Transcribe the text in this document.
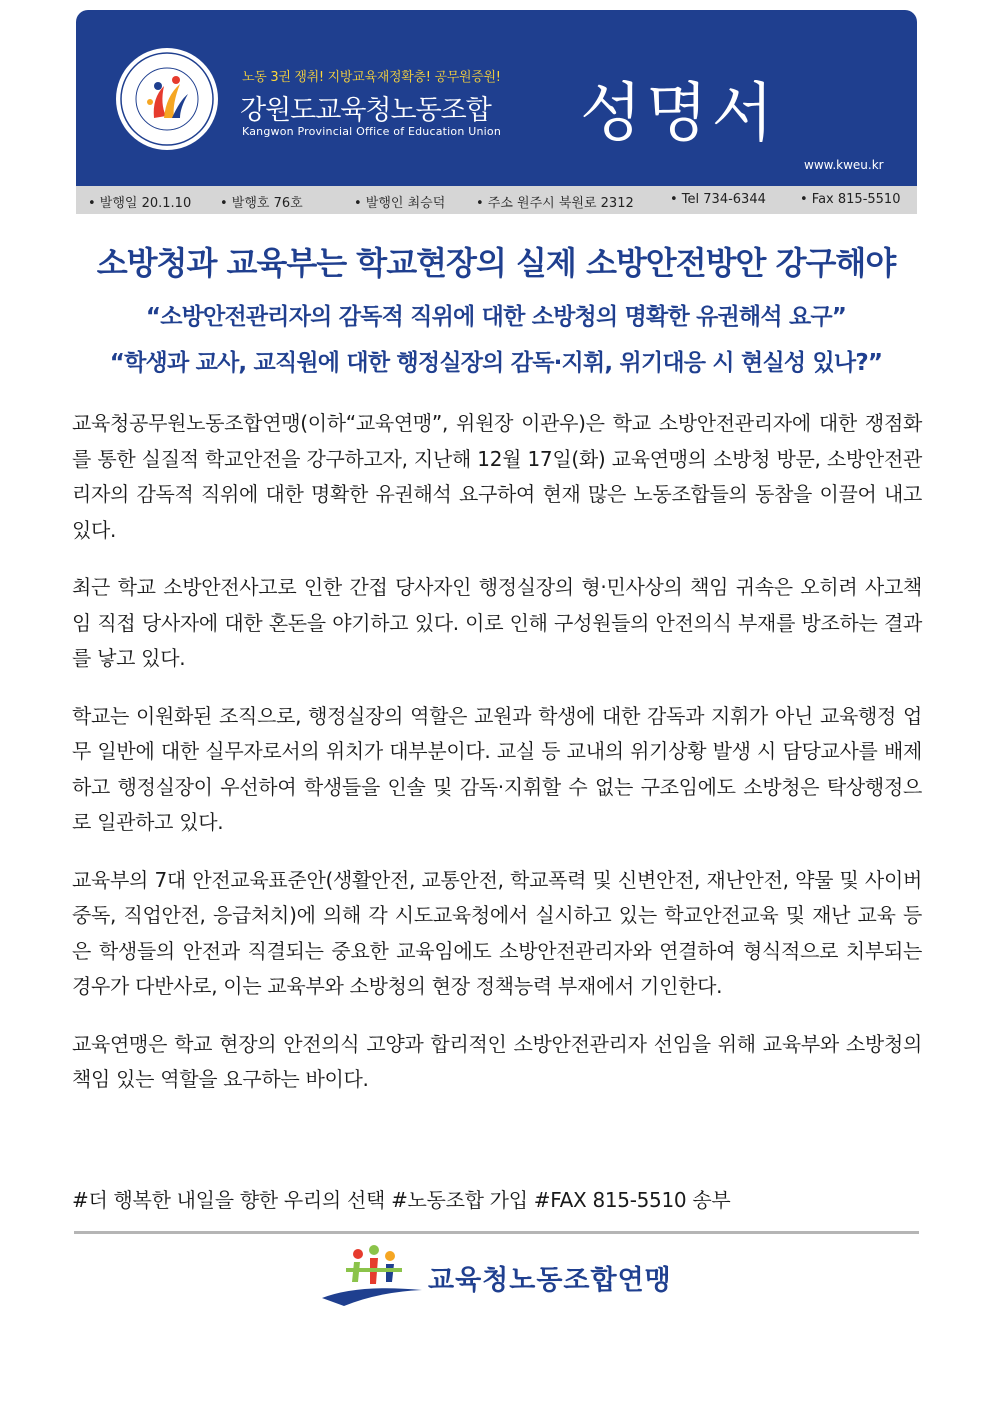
노동 3권 쟁취! 지방교육재정확충! 공무원증원!
강원도교육청노동조합
Kangwon Provincial Office of Education Union 성명서
www.kweu.kr
• 발행일 20.1.10 • 발행호 76호	• 발행인 최승덕 • 주소 원주시 북원로 2312	• Tel 734-6344	• Fax 815-5510
소방청과 교육부는 학교현장의 실제 소방안전방안 강구해야
“소방안전관리자의 감독적 직위에 대한 소방청의 명확한 유권해석 요구”
“학생과 교사, 교직원에 대한 행정실장의 감독·지휘, 위기대응 시 현실성 있나?”

교육청공무원노동조합연맹(이하“교육연맹”, 위원장 이관우)은 학교 소방안전관리자에 대한 쟁점화를 통한 실질적 학교안전을 강구하고자, 지난해 12월 17일(화) 교육연맹의 소방청 방문, 소방안전관리자의 감독적 직위에 대한 명확한 유권해석 요구하여 현재 많은 노동조합들의 동참을 이끌어 내고 있다.

최근 학교 소방안전사고로 인한 간접 당사자인 행정실장의 형·민사상의 책임 귀속은 오히려 사고책임 직접 당사자에 대한 혼돈을 야기하고 있다. 이로 인해 구성원들의 안전의식 부재를 방조하는 결과를 낳고 있다.

학교는 이원화된 조직으로, 행정실장의 역할은 교원과 학생에 대한 감독과 지휘가 아닌 교육행정 업무 일반에 대한 실무자로서의 위치가 대부분이다. 교실 등 교내의 위기상황 발생 시 담당교사를 배제하고 행정실장이 우선하여 학생들을 인솔 및 감독·지휘할 수 없는 구조임에도 소방청은 탁상행정으로 일관하고 있다.

교육부의 7대 안전교육표준안(생활안전, 교통안전, 학교폭력 및 신변안전, 재난안전, 약물 및 사이버중독, 직업안전, 응급처치)에 의해 각 시도교육청에서 실시하고 있는 학교안전교육 및 재난 교육 등은 학생들의 안전과 직결되는 중요한 교육임에도 소방안전관리자와 연결하여 형식적으로 치부되는 경우가 다반사로, 이는 교육부와 소방청의 현장 정책능력 부재에서 기인한다.

교육연맹은 학교 현장의 안전의식 고양과 합리적인 소방안전관리자 선임을 위해 교육부와 소방청의 책임 있는 역할을 요구하는 바이다.

#더 행복한 내일을 향한 우리의 선택 #노동조합 가입 #FAX 815-5510 송부
교육청노동조합연맹
